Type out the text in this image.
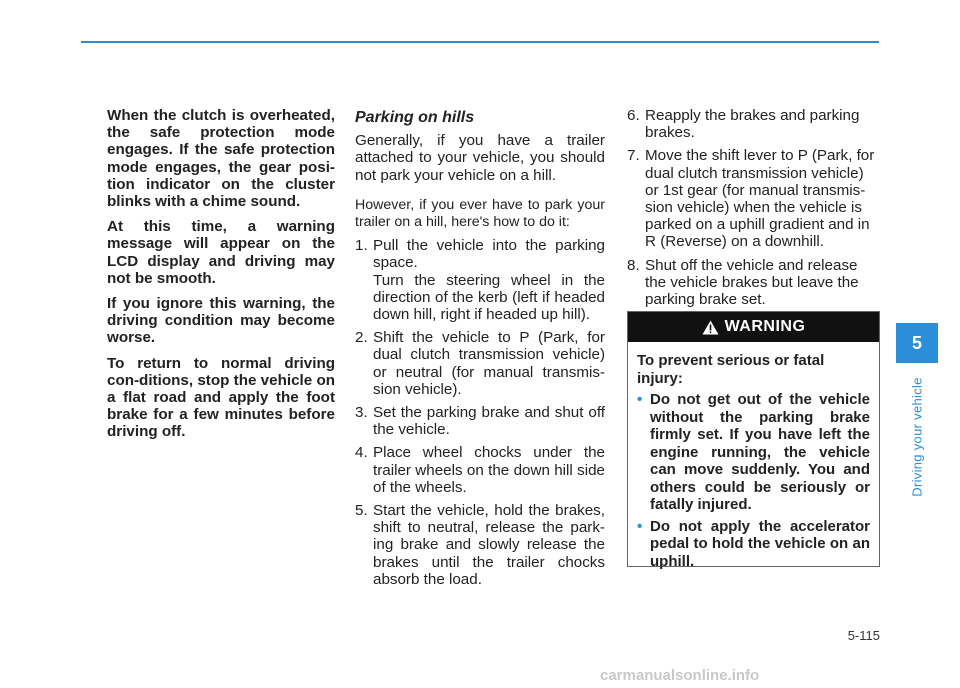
When the clutch is overheated, the safe protection mode engages. If the safe protection mode engages, the gear posi-tion indicator on the cluster blinks with a chime sound.

At this time, a warning message will appear on the LCD display and driving may not be smooth.

If you ignore this warning, the driving condition may become worse.

To return to normal driving con-ditions, stop the vehicle on a flat road and apply the foot brake for a few minutes before driving off.

Parking on hills

Generally, if you have a trailer attached to your vehicle, you should not park your vehicle on a hill.

However, if you ever have to park your trailer on a hill, here's how to do it:

1. Pull the vehicle into the parking space.

Turn the steering wheel in the direction of the kerb (left if headed down hill, right if headed up hill).

2. Shift the vehicle to P (Park, for dual clutch transmission vehicle) or neutral (for manual transmis-sion vehicle).
3. Set the parking brake and shut off the vehicle.
4. Place wheel chocks under the trailer wheels on the down hill side of the wheels.
5. Start the vehicle, hold the brakes, shift to neutral, release the park-ing brake and slowly release the brakes until the trailer chocks absorb the load.
6. Reapply the brakes and parking brakes.
7. Move the shift lever to P (Park, for dual clutch transmission vehicle) or 1st gear (for manual transmis-sion vehicle) when the vehicle is parked on a uphill gradient and in R (Reverse) on a downhill.
8. Shut off the vehicle and release the vehicle brakes but leave the parking brake set.
WARNING

To prevent serious or fatal injury:

• Do not get out of the vehicle without the parking brake firmly set. If you have left the engine running, the vehicle can move suddenly. You and others could be seriously or fatally injured.
• Do not apply the accelerator pedal to hold the vehicle on an uphill.
5
Driving your vehicle
5-115
carmanualsonline.info
